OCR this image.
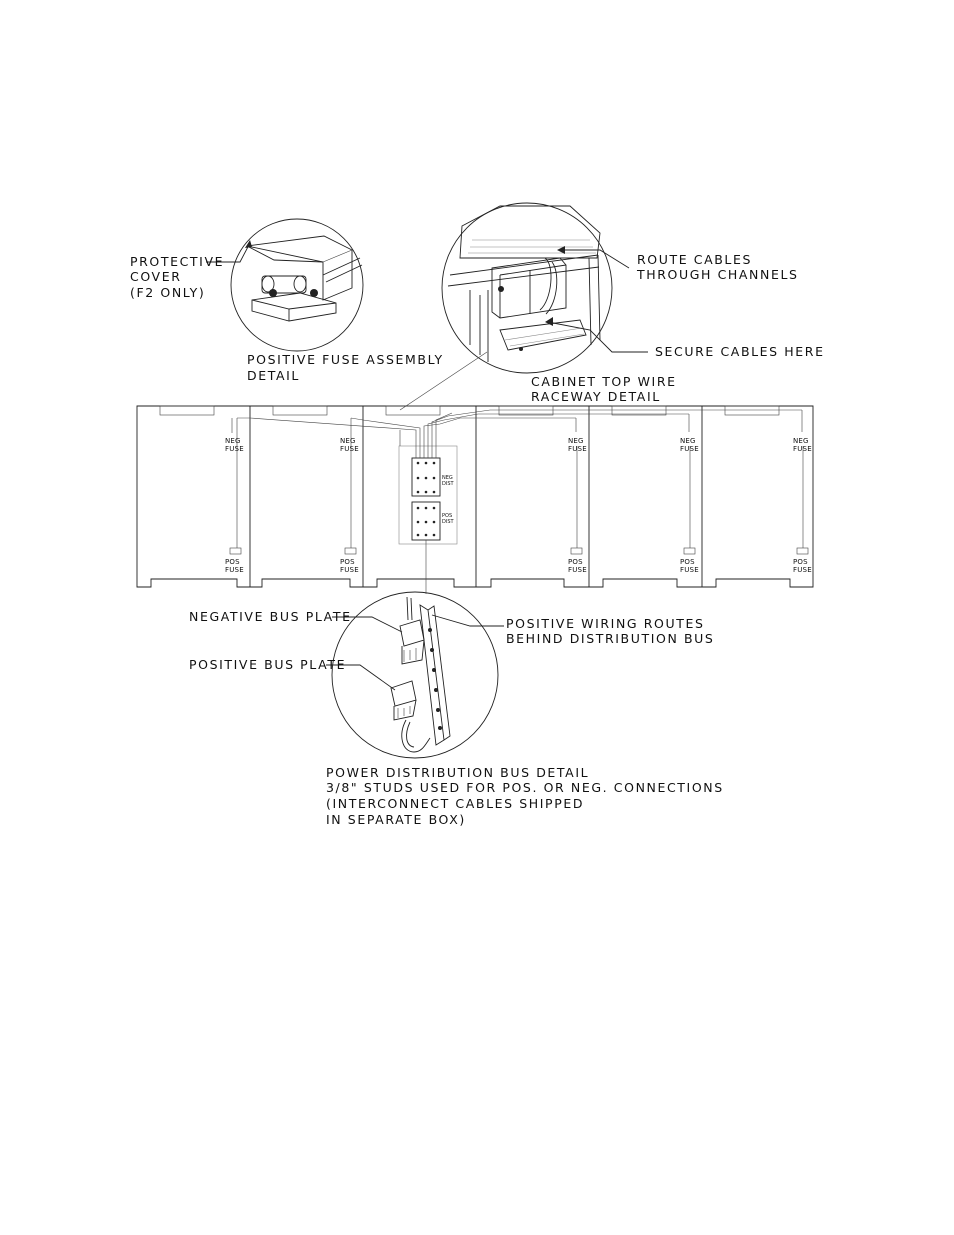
PROTECTIVE
COVER
(F2 ONLY)
POSITIVE FUSE ASSEMBLY
DETAIL
ROUTE CABLES
THROUGH CHANNELS
SECURE CABLES HERE
CABINET TOP WIRE
RACEWAY DETAIL
NEG
FUSE
POS
FUSE
NEG
FUSE
POS
FUSE
NEG
DIST
POS
DIST
NEG
FUSE
POS
FUSE
NEG
FUSE
POS
FUSE
NEG
FUSE
POS
FUSE
NEGATIVE BUS PLATE
POSITIVE BUS PLATE
POSITIVE WIRING ROUTES
BEHIND DISTRIBUTION BUS
POWER DISTRIBUTION BUS DETAIL
3/8" STUDS USED FOR POS. OR NEG. CONNECTIONS
(INTERCONNECT CABLES SHIPPED
IN SEPARATE BOX)
